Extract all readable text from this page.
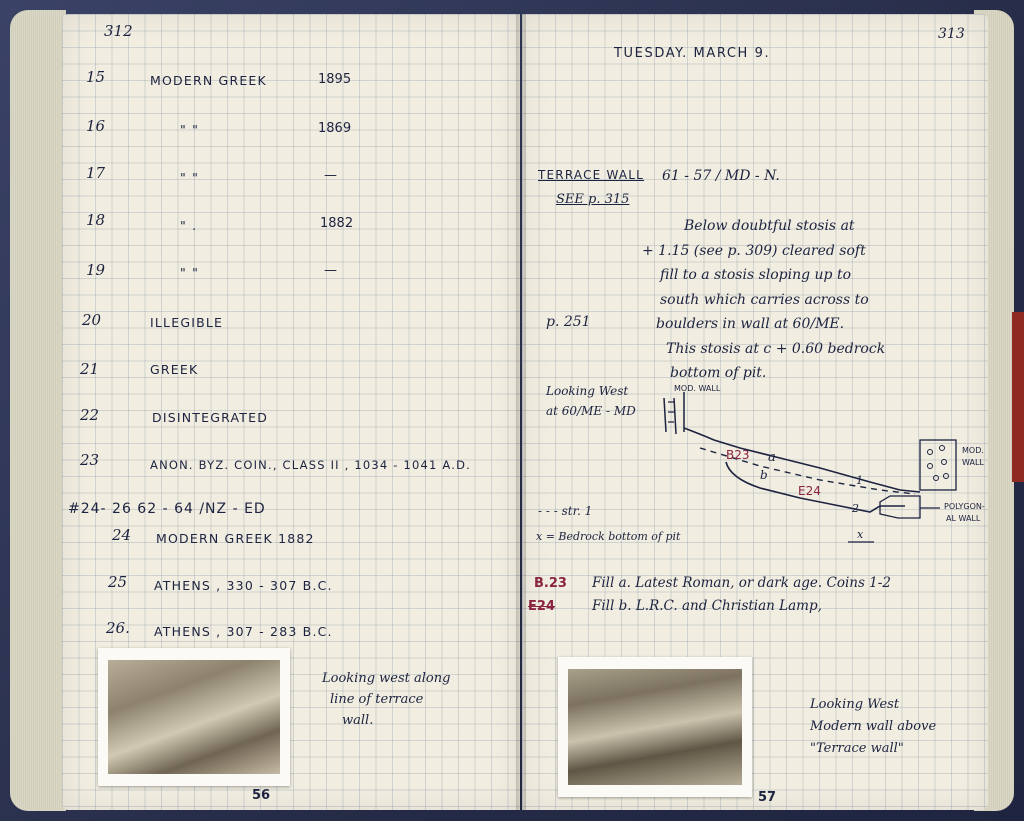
312
15	MODERN GREEK	1895
16	" "	1869
17	" "	—
18	" .	1882
19	" "	—
20	ILLEGIBLE
21	GREEK
22	DISINTEGRATED
23	ANON. BYZ. COIN., CLASS II , 1034 - 1041 A.D.
#24- 26 62 - 64 /NZ - ED
24 MODERN GREEK 1882
25 ATHENS , 330 - 307 B.C.
26. ATHENS , 307 - 283 B.C.
Looking west along
line of terrace
wall.
56
313
TUESDAY. MARCH 9.
TERRACE WALL 61 - 57 / MD - N.
SEE p. 315
p. 251
Below doubtful stosis at
+ 1.15 (see p. 309) cleared soft
fill to a stosis sloping up to
south which carries across to
boulders in wall at 60/ME.
This stosis at c + 0.60 bedrock
bottom of pit.
Looking West
at 60/ME - MD
MOD. WALL
MOD.
WALL
POLYGON-
AL WALL
B23 a
b
E24
1
2
x
- - - str. 1
x = Bedrock bottom of pit
B.23 Fill a. Latest Roman, or dark age. Coins 1-2
E24	Fill b. L.R.C. and Christian Lamp,
Looking West
Modern wall above
"Terrace wall"
57
